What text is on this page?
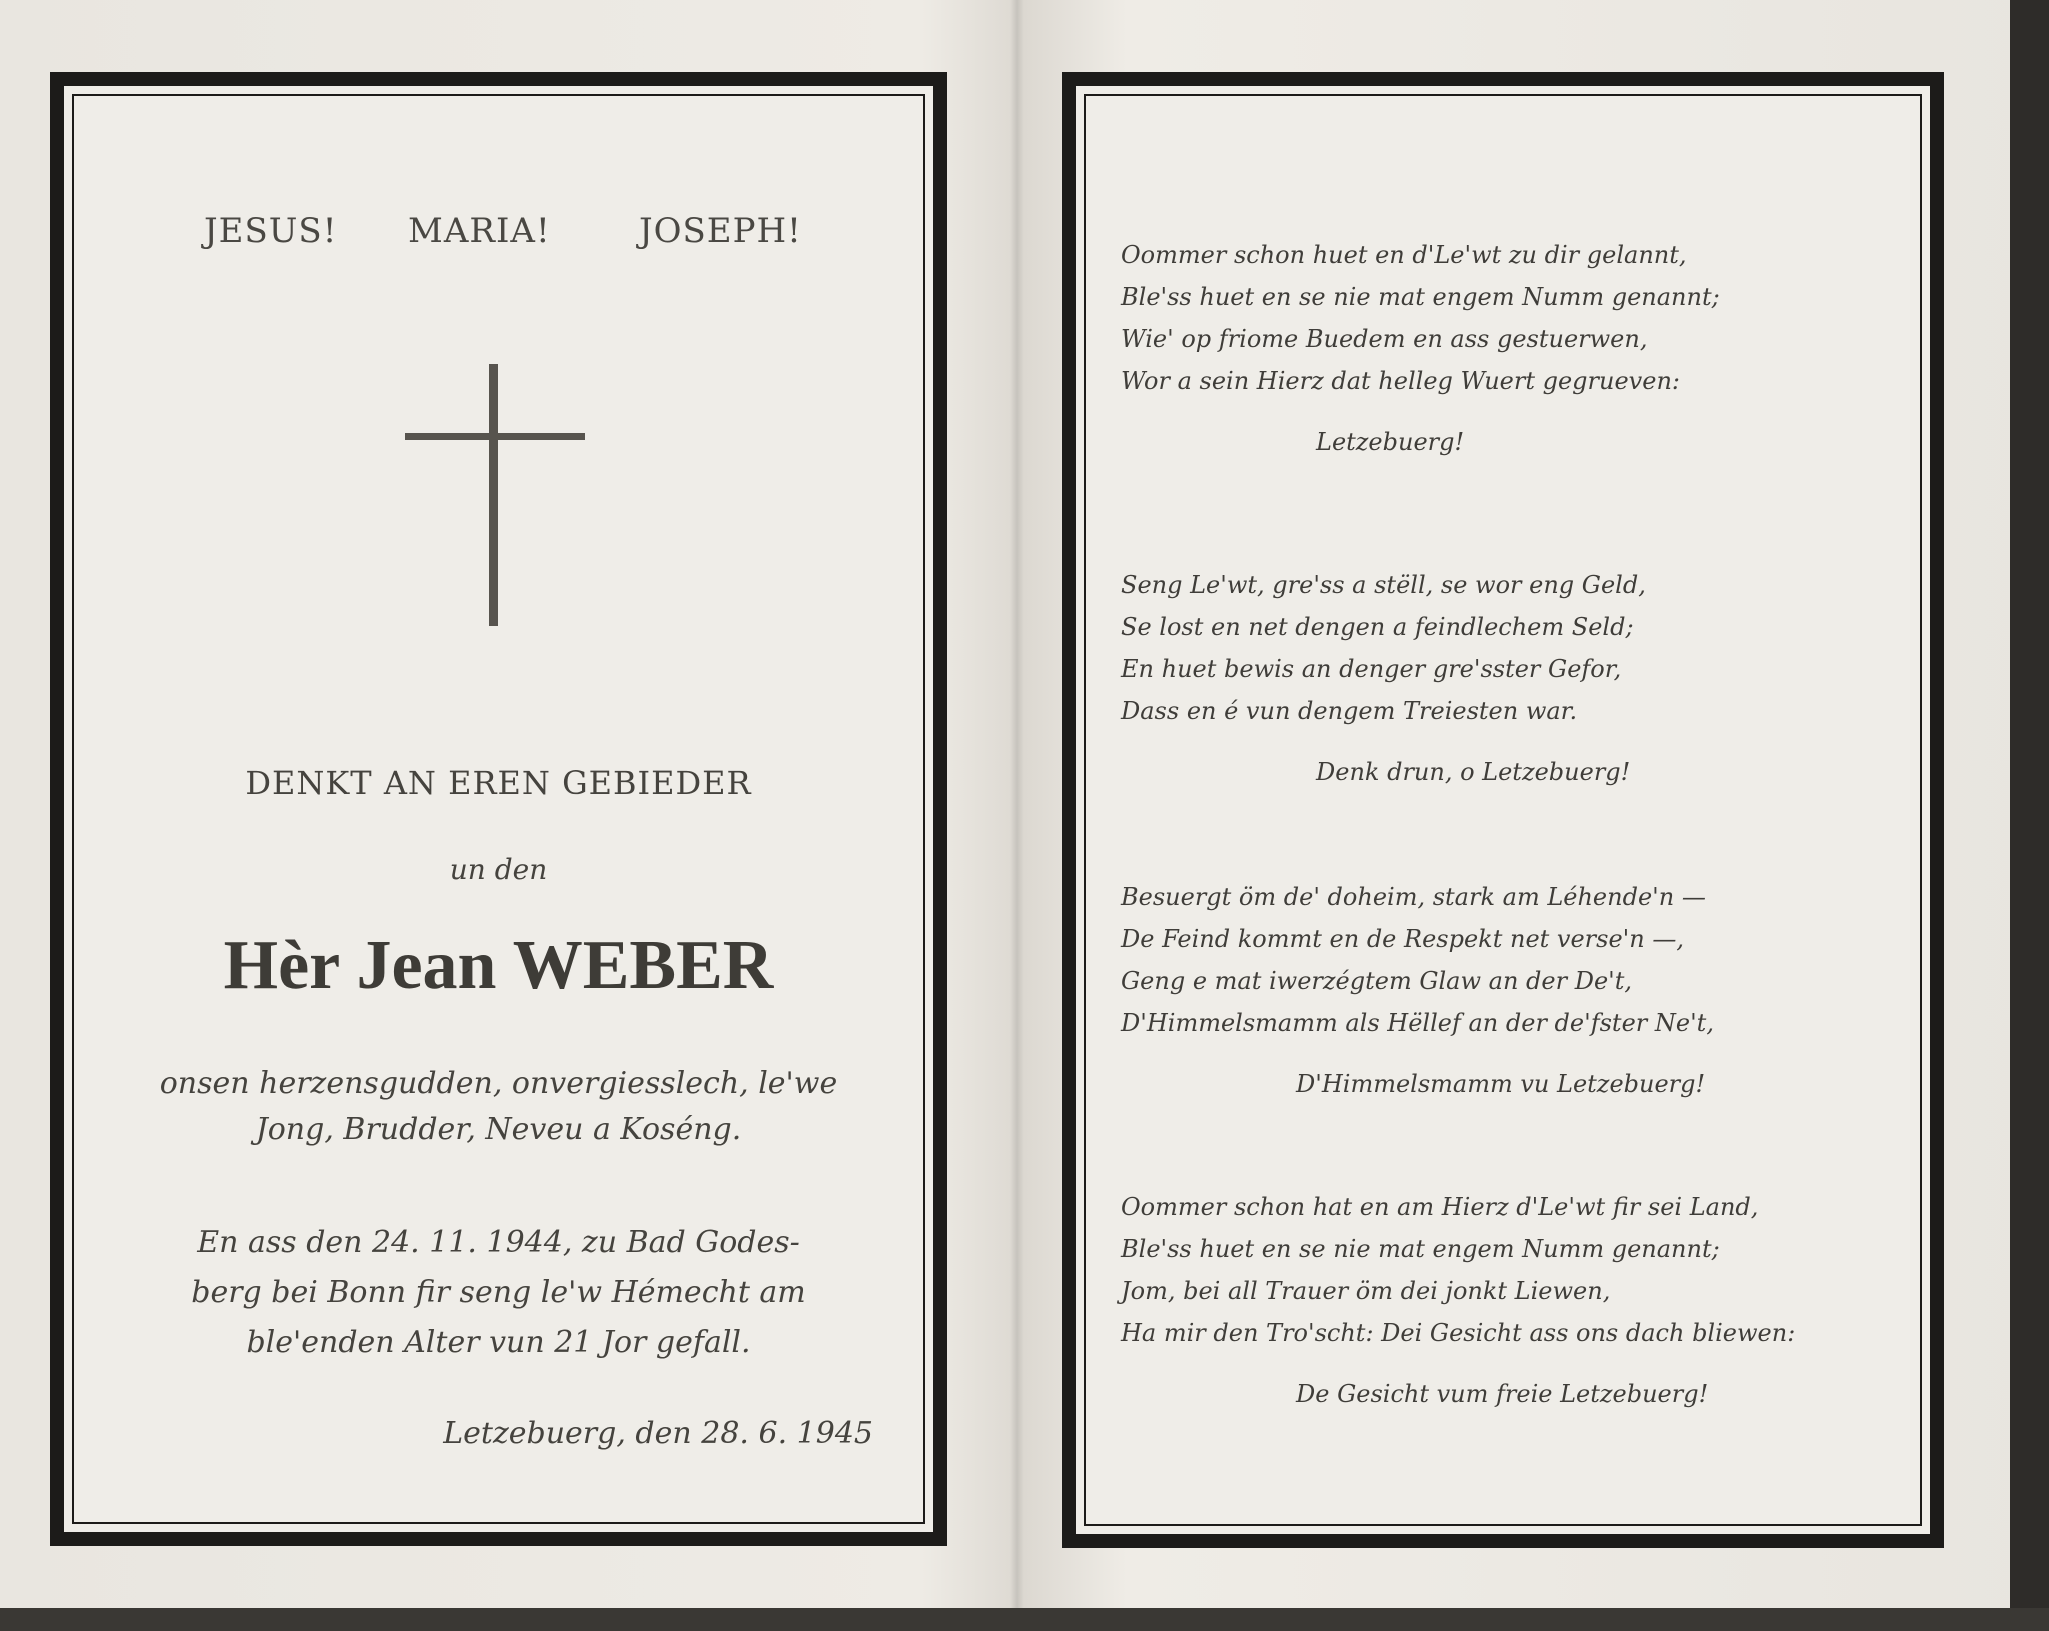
JESUS! MARIA!	JOSEPH!
DENKT AN EREN GEBIEDER
un den
Hèr Jean WEBER
onsen herzensgudden, onvergiesslech, le'we
Jong, Brudder, Neveu a Koséng.
En ass den 24. 11. 1944, zu Bad Godes-
berg bei Bonn fir seng le'w Hémecht am
ble'enden Alter vun 21 Jor gefall.
Letzebuerg, den 28. 6. 1945
Oommer schon huet en d'Le'wt zu dir gelannt,
Ble'ss huet en se nie mat engem Numm genannt;
Wie' op friome Buedem en ass gestuerwen,
Wor a sein Hierz dat helleg Wuert gegrueven:
Letzebuerg!
Seng Le'wt, gre'ss a stëll, se wor eng Geld,
Se lost en net dengen a feindlechem Seld;
En huet bewis an denger gre'sster Gefor,
Dass en é vun dengem Treiesten war.
Denk drun, o Letzebuerg!
Besuergt öm de' doheim, stark am Léhende'n —
De Feind kommt en de Respekt net verse'n —,
Geng e mat iwerzégtem Glaw an der De't,
D'Himmelsmamm als Hëllef an der de'fster Ne't,
D'Himmelsmamm vu Letzebuerg!
Oommer schon hat en am Hierz d'Le'wt fir sei Land,
Ble'ss huet en se nie mat engem Numm genannt;
Jom, bei all Trauer öm dei jonkt Liewen,
Ha mir den Tro'scht: Dei Gesicht ass ons dach bliewen:
De Gesicht vum freie Letzebuerg!
